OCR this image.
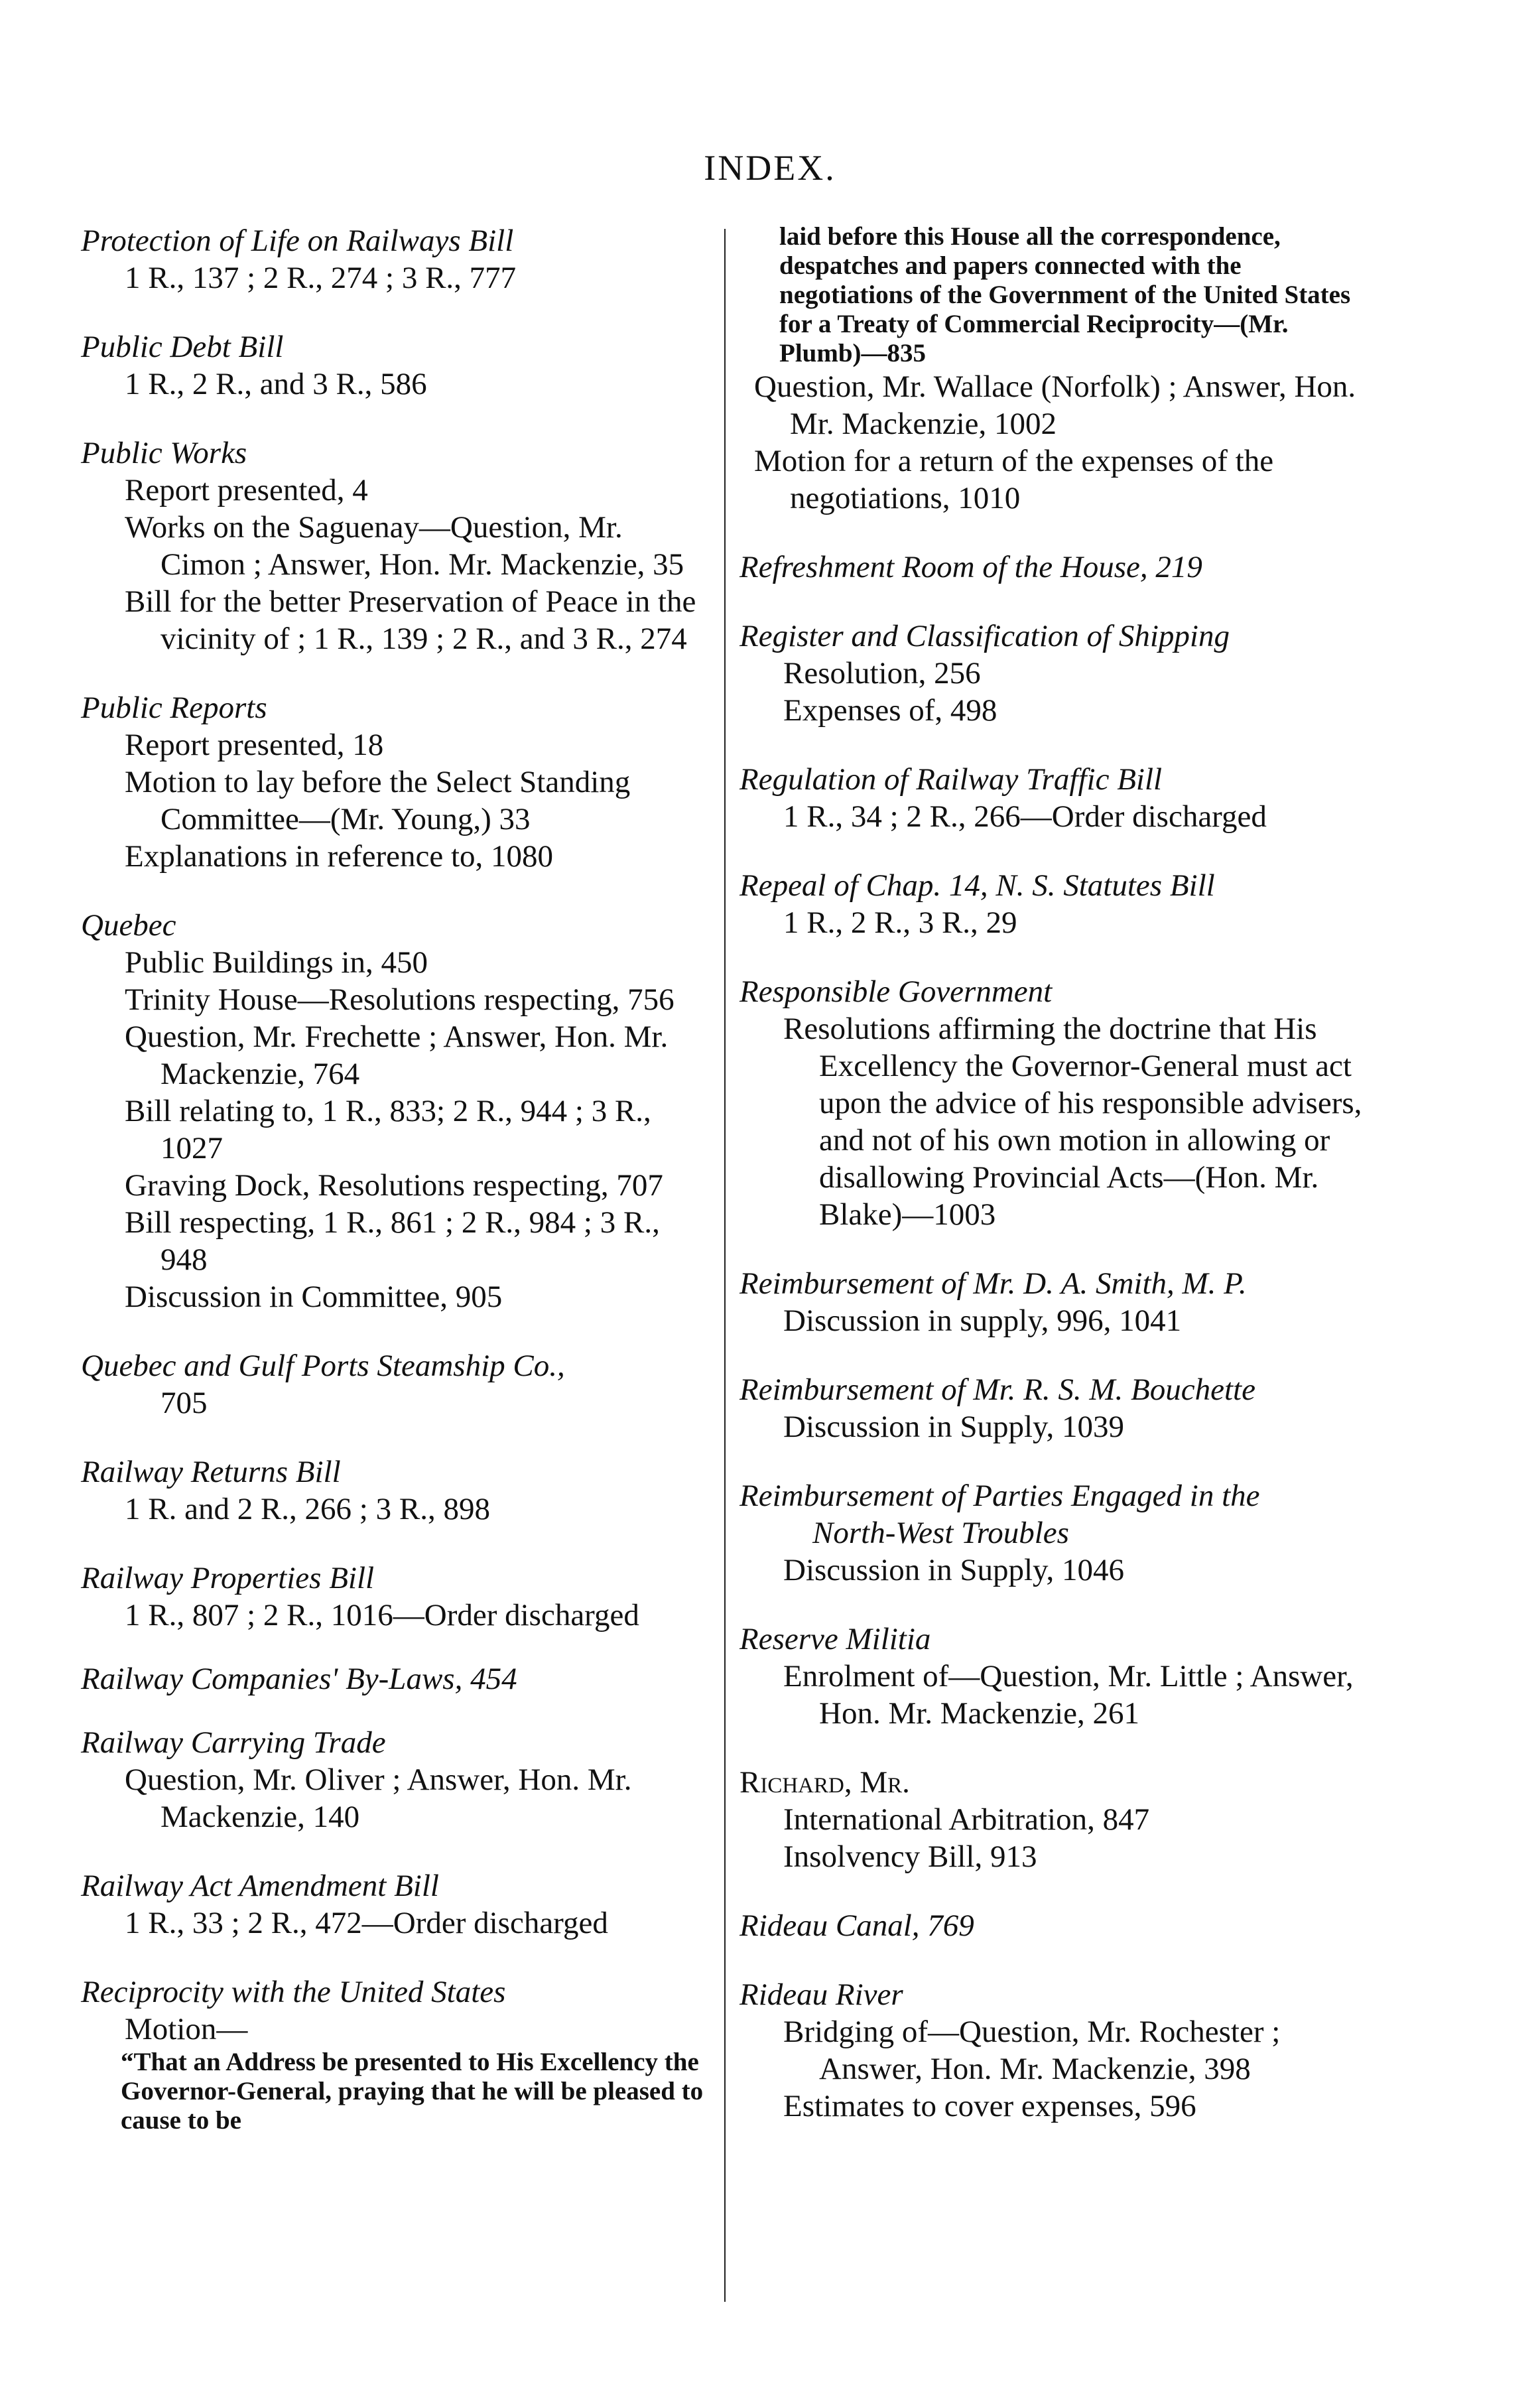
INDEX.
Protection of Life on Railways Bill
1 R., 137 ; 2 R., 274 ; 3 R., 777
Public Debt Bill
1 R., 2 R., and 3 R., 586
Public Works
Report presented, 4
Works on the Saguenay—Question, Mr. Cimon ; Answer, Hon. Mr. Mackenzie, 35
Bill for the better Preservation of Peace in the vicinity of ; 1 R., 139 ; 2 R., and 3 R., 274
Public Reports
Report presented, 18
Motion to lay before the Select Standing Committee—(Mr. Young,) 33
Explanations in reference to, 1080
Quebec
Public Buildings in, 450
Trinity House—Resolutions respecting, 756
Question, Mr. Frechette ; Answer, Hon. Mr. Mackenzie, 764
Bill relating to, 1 R., 833; 2 R., 944 ; 3 R., 1027
Graving Dock, Resolutions respecting, 707
Bill respecting, 1 R., 861 ; 2 R., 984 ; 3 R., 948
Discussion in Committee, 905
Quebec and Gulf Ports Steamship Co.,
705
Railway Returns Bill
1 R. and 2 R., 266 ; 3 R., 898
Railway Properties Bill
1 R., 807 ; 2 R., 1016—Order discharged
Railway Companies' By-Laws, 454
Railway Carrying Trade
Question, Mr. Oliver ; Answer, Hon. Mr. Mackenzie, 140
Railway Act Amendment Bill
1 R., 33 ; 2 R., 472—Order discharged
Reciprocity with the United States
Motion—
“That an Address be presented to His Excellency the Governor-General, praying that he will be pleased to cause to be
laid before this House all the correspondence, despatches and papers connected with the negotiations of the Government of the United States for a Treaty of Commercial Reciprocity—(Mr. Plumb)—835
Question, Mr. Wallace (Norfolk) ; Answer, Hon. Mr. Mackenzie, 1002
Motion for a return of the expenses of the negotiations, 1010
Refreshment Room of the House, 219
Register and Classification of Shipping
Resolution, 256
Expenses of, 498
Regulation of Railway Traffic Bill
1 R., 34 ; 2 R., 266—Order discharged
Repeal of Chap. 14, N. S. Statutes Bill
1 R., 2 R., 3 R., 29
Responsible Government
Resolutions affirming the doctrine that His Excellency the Governor-General must act upon the advice of his responsible advisers, and not of his own motion in allowing or disallowing Provincial Acts—(Hon. Mr. Blake)—1003
Reimbursement of Mr. D. A. Smith, M. P.
Discussion in supply, 996, 1041
Reimbursement of Mr. R. S. M. Bouchette
Discussion in Supply, 1039
Reimbursement of Parties Engaged in the
North-West Troubles
Discussion in Supply, 1046
Reserve Militia
Enrolment of—Question, Mr. Little ; Answer, Hon. Mr. Mackenzie, 261
Richard, Mr.
International Arbitration, 847
Insolvency Bill, 913
Rideau Canal, 769
Rideau River
Bridging of—Question, Mr. Rochester ; Answer, Hon. Mr. Mackenzie, 398
Estimates to cover expenses, 596
